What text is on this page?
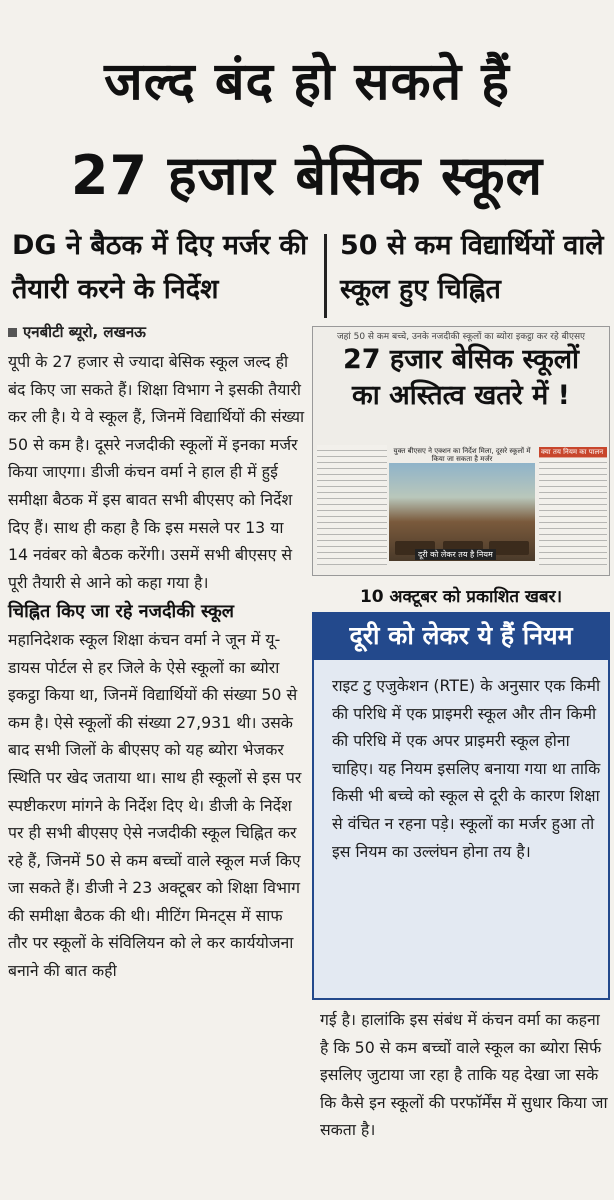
जल्द बंद हो सकते हैं
27 हजार बेसिक स्कूल
DG ने बैठक में दिए मर्जर की तैयारी करने के निर्देश
50 से कम विद्यार्थियों वाले स्कूल हुए चिह्नित
एनबीटी ब्यूरो, लखनऊ

यूपी के 27 हजार से ज्यादा बेसिक स्कूल जल्द ही बंद किए जा सकते हैं। शिक्षा विभाग ने इसकी तैयारी कर ली है। ये वे स्कूल हैं, जिनमें विद्यार्थियों की संख्या 50 से कम है। दूसरे नजदीकी स्कूलों में इनका मर्जर किया जाएगा। डीजी कंचन वर्मा ने हाल ही में हुई समीक्षा बैठक में इस बावत सभी बीएसए को निर्देश दिए हैं। साथ ही कहा है कि इस मसले पर 13 या 14 नवंबर को बैठक करेंगी। उसमें सभी बीएसए से पूरी तैयारी से आने को कहा गया है।

चिह्नित किए जा रहे नजदीकी स्कूल

महानिदेशक स्कूल शिक्षा कंचन वर्मा ने जून में यू-डायस पोर्टल से हर जिले के ऐसे स्कूलों का ब्योरा इकट्ठा किया था, जिनमें विद्यार्थियों की संख्या 50 से कम है। ऐसे स्कूलों की संख्या 27,931 थी। उसके बाद सभी जिलों के बीएसए को यह ब्योरा भेजकर स्थिति पर खेद जताया था। साथ ही स्कूलों से इस पर स्पष्टीकरण मांगने के निर्देश दिए थे। डीजी के निर्देश पर ही सभी बीएसए ऐसे नजदीकी स्कूल चिह्नित कर रहे हैं, जिनमें 50 से कम बच्चों वाले स्कूल मर्ज किए जा सकते हैं। डीजी ने 23 अक्टूबर को शिक्षा विभाग की समीक्षा बैठक की थी। मीटिंग मिनट्स में साफ तौर पर स्कूलों के संविलियन को ले कर कार्ययोजना बनाने की बात कही

जहां 50 से कम बच्चे, उनके नजदीकी स्कूलों का ब्योरा इकट्ठा कर रहे बीएसए
27 हजार बेसिक स्कूलों
का अस्तित्व खतरे में !
युक्त बीएसए ने एक्शन का निर्देश मिला, दूसरे स्कूलों में किया जा सकता है मर्जर
दूरी को लेकर तय है नियम
क्या तय नियम का पालन
10 अक्टूबर को प्रकाशित खबर।
दूरी को लेकर ये हैं नियम
राइट टु एजुकेशन (RTE) के अनुसार एक किमी की परिधि में एक प्राइमरी स्कूल और तीन किमी की परिधि में एक अपर प्राइमरी स्कूल होना चाहिए। यह नियम इसलिए बनाया गया था ताकि किसी भी बच्चे को स्कूल से दूरी के कारण शिक्षा से वंचित न रहना पड़े। स्कूलों का मर्जर हुआ तो इस नियम का उल्लंघन होना तय है।
गई है। हालांकि इस संबंध में कंचन वर्मा का कहना है कि 50 से कम बच्चों वाले स्कूल का ब्योरा सिर्फ इसलिए जुटाया जा रहा है ताकि यह देखा जा सके कि कैसे इन स्कूलों की परफॉर्मेंस में सुधार किया जा सकता है।
